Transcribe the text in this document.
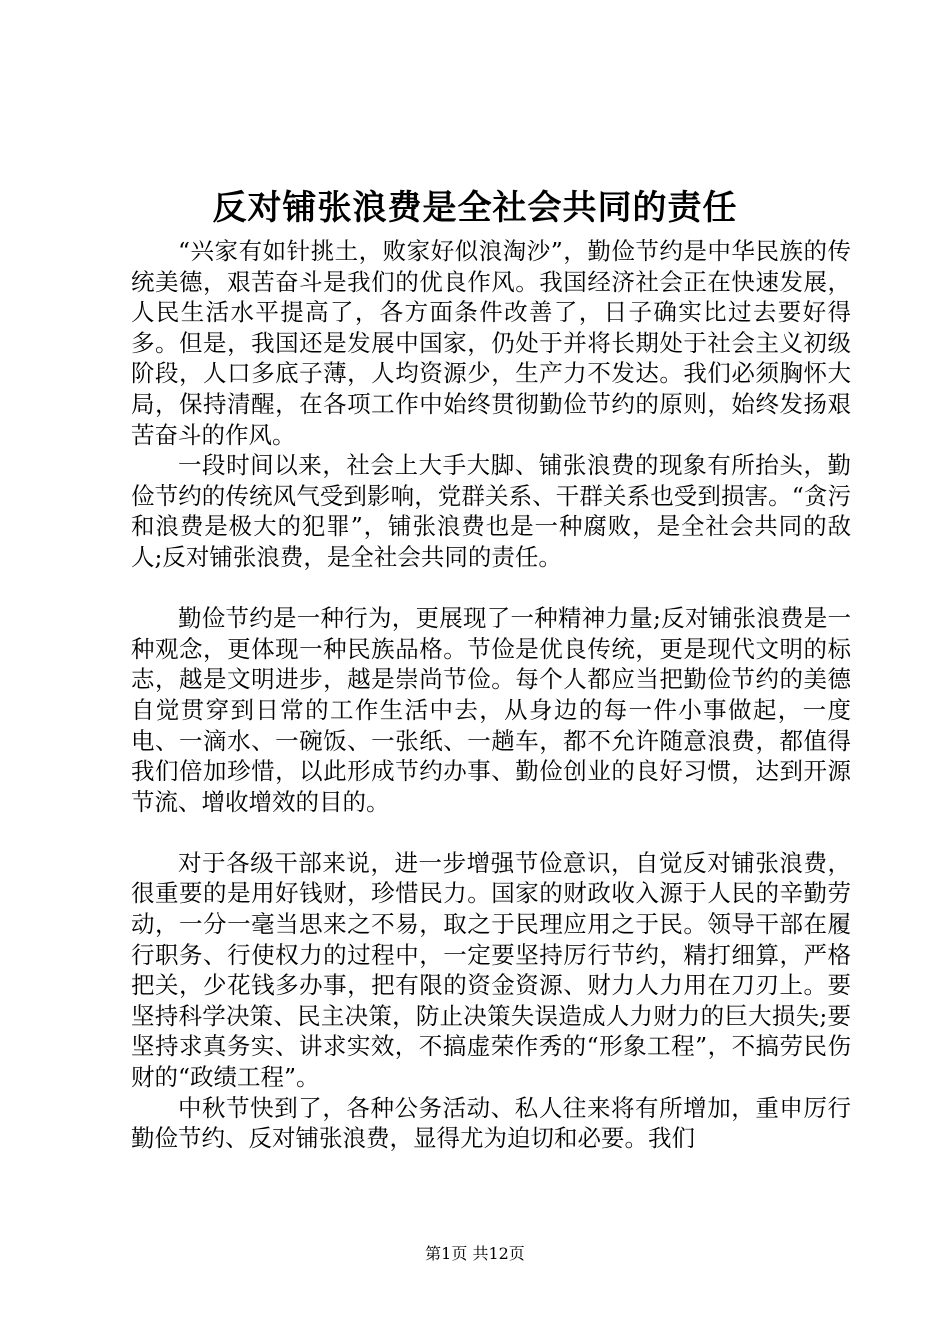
反对铺张浪费是全社会共同的责任

“兴家有如针挑土，败家好似浪淘沙”，勤俭节约是中华民族的传统美德，艰苦奋斗是我们的优良作风。我国经济社会正在快速发展，人民生活水平提高了，各方面条件改善了，日子确实比过去要好得多。但是，我国还是发展中国家，仍处于并将长期处于社会主义初级阶段，人口多底子薄，人均资源少，生产力不发达。我们必须胸怀大局，保持清醒，在各项工作中始终贯彻勤俭节约的原则，始终发扬艰苦奋斗的作风。

一段时间以来，社会上大手大脚、铺张浪费的现象有所抬头，勤俭节约的传统风气受到影响，党群关系、干群关系也受到损害。“贪污和浪费是极大的犯罪”，铺张浪费也是一种腐败，是全社会共同的敌人;反对铺张浪费，是全社会共同的责任。

勤俭节约是一种行为，更展现了一种精神力量;反对铺张浪费是一种观念，更体现一种民族品格。节俭是优良传统，更是现代文明的标志，越是文明进步，越是崇尚节俭。每个人都应当把勤俭节约的美德自觉贯穿到日常的工作生活中去，从身边的每一件小事做起，一度电、一滴水、一碗饭、一张纸、一趟车，都不允许随意浪费，都值得我们倍加珍惜，以此形成节约办事、勤俭创业的良好习惯，达到开源节流、增收增效的目的。

对于各级干部来说，进一步增强节俭意识，自觉反对铺张浪费，很重要的是用好钱财，珍惜民力。国家的财政收入源于人民的辛勤劳动，一分一毫当思来之不易，取之于民理应用之于民。领导干部在履行职务、行使权力的过程中，一定要坚持厉行节约，精打细算，严格把关，少花钱多办事，把有限的资金资源、财力人力用在刀刃上。要坚持科学决策、民主决策，防止决策失误造成人力财力的巨大损失;要坚持求真务实、讲求实效，不搞虚荣作秀的“形象工程”，不搞劳民伤财的“政绩工程”。

中秋节快到了，各种公务活动、私人往来将有所增加，重申厉行勤俭节约、反对铺张浪费，显得尤为迫切和必要。我们

第1页 共12页
